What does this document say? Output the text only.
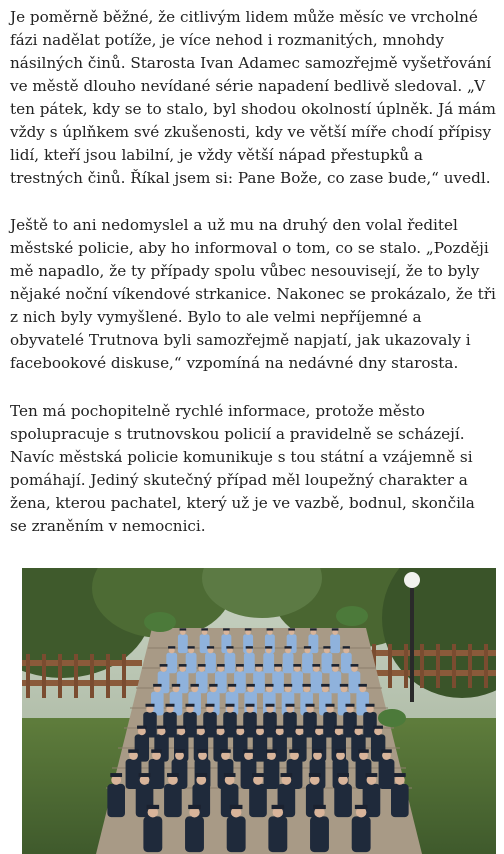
Je poměrně běžné, že citlivým lidem může měsíc ve vrcholné fázi nadělat potíže, je více nehod i rozmanitých, mnohdy násilných činů. Starosta Ivan Adamec samozřejmě vyšetřování ve městě dlouho nevídané série napadení bedlivě sledoval. „V ten pátek, kdy se to stalo, byl shodou okolností úplněk. Já mám vždy s úplňkem své zkušenosti, kdy ve větší míře chodí přípisy lidí, kteří jsou labilní, je vždy větší nápad přestupků a trestných činů. Říkal jsem si: Pane Bože, co zase bude,“ uvedl.

Ještě to ani nedomyslel a už mu na druhý den volal ředitel městské policie, aby ho informoval o tom, co se stalo. „Později mě napadlo, že ty případy spolu vůbec nesouvisejí, že to byly nějaké noční víkendové strkanice. Nakonec se prokázalo, že tři z nich byly vymyšlené. Bylo to ale velmi nepříjemné a obyvatelé Trutnova byli samozřejmě napjatí, jak ukazovaly i facebookové diskuse,“ vzpomíná na nedávné dny starosta.

Ten má pochopitelně rychlé informace, protože město spolupracuje s trutnovskou policií a pravidelně se scházejí. Navíc městská policie komunikuje s tou státní a vzájemně si pomáhají. Jediný skutečný případ měl loupežný charakter a žena, kterou pachatel, který už je ve vazbě, bodnul, skončila se zraněním v nemocnici.
